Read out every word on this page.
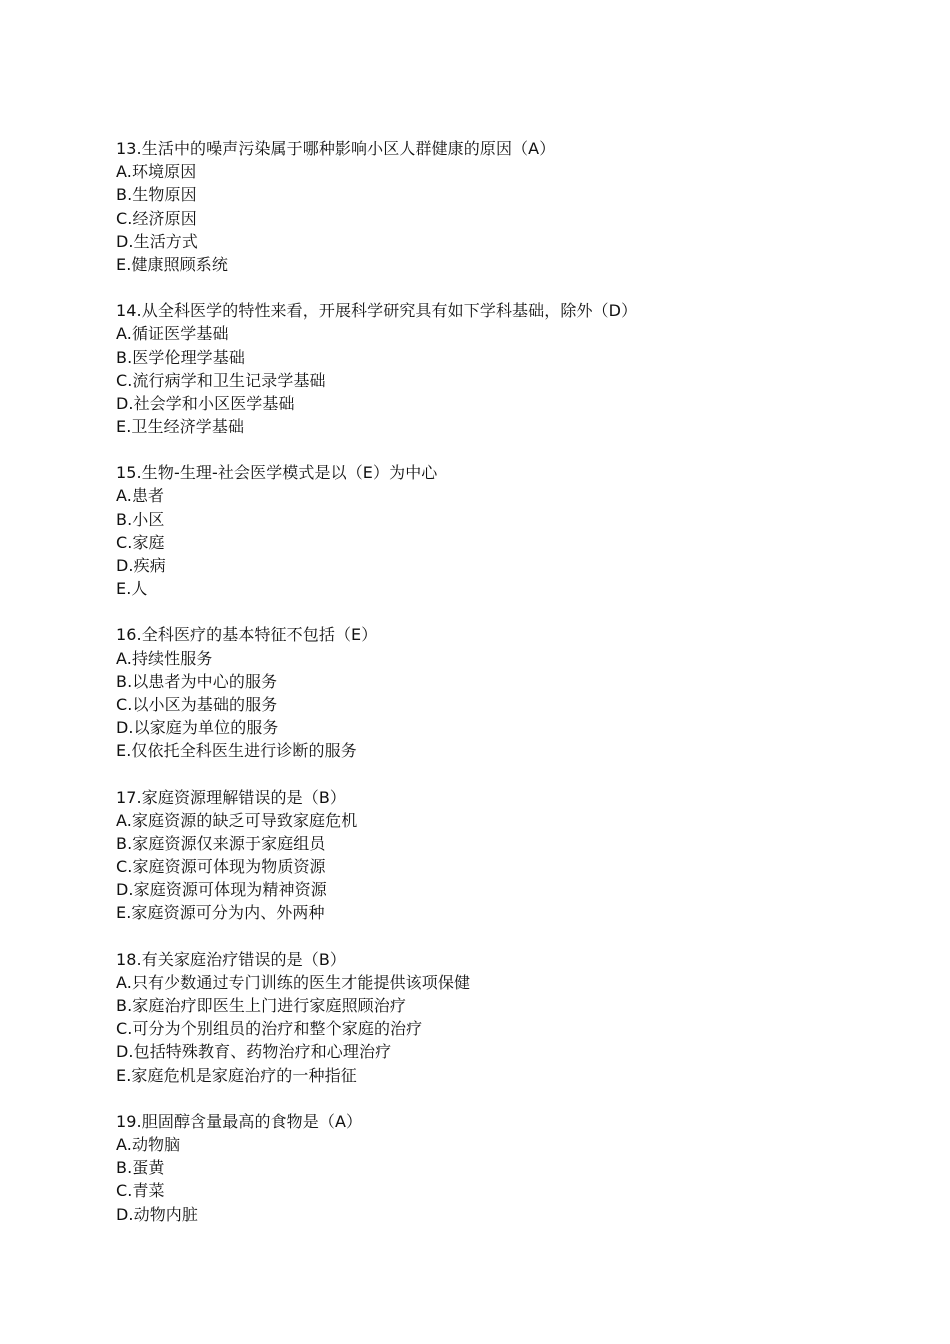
13.生活中的噪声污染属于哪种影响小区人群健康的原因（A）
A.环境原因
B.生物原因
C.经济原因
D.生活方式
E.健康照顾系统
14.从全科医学的特性来看，开展科学研究具有如下学科基础，除外（D）
A.循证医学基础
B.医学伦理学基础
C.流行病学和卫生记录学基础
D.社会学和小区医学基础
E.卫生经济学基础
15.生物-生理-社会医学模式是以（E）为中心
A.患者
B.小区
C.家庭
D.疾病
E.人
16.全科医疗的基本特征不包括（E）
A.持续性服务
B.以患者为中心的服务
C.以小区为基础的服务
D.以家庭为单位的服务
E.仅依托全科医生进行诊断的服务
17.家庭资源理解错误的是（B）
A.家庭资源的缺乏可导致家庭危机
B.家庭资源仅来源于家庭组员
C.家庭资源可体现为物质资源
D.家庭资源可体现为精神资源
E.家庭资源可分为内、外两种
18.有关家庭治疗错误的是（B）
A.只有少数通过专门训练的医生才能提供该项保健
B.家庭治疗即医生上门进行家庭照顾治疗
C.可分为个别组员的治疗和整个家庭的治疗
D.包括特殊教育、药物治疗和心理治疗
E.家庭危机是家庭治疗的一种指征
19.胆固醇含量最高的食物是（A）
A.动物脑
B.蛋黄
C.青菜
D.动物内脏
